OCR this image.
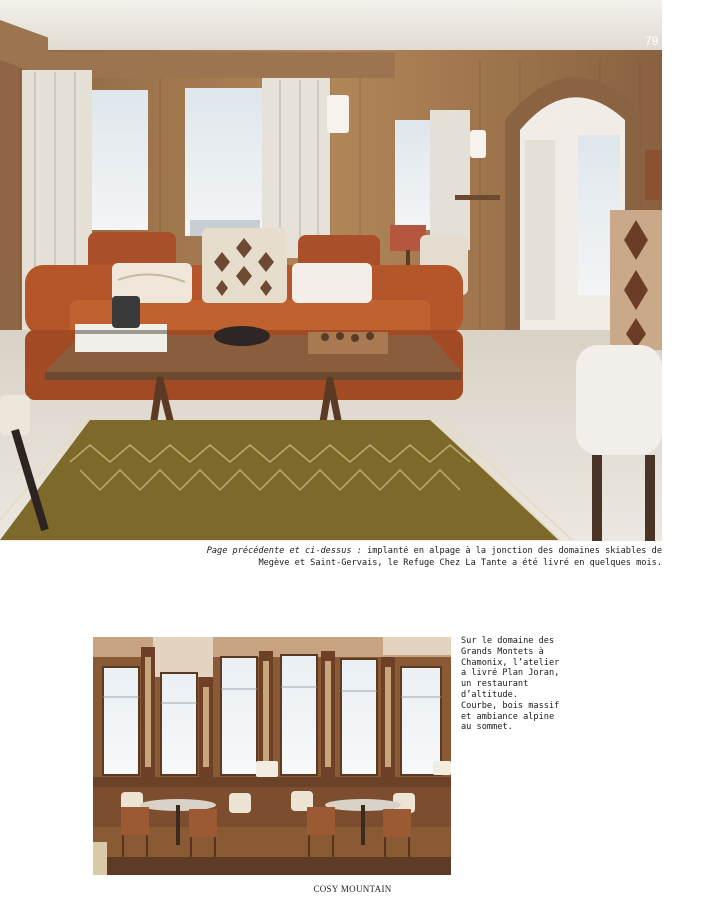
79
Page précédente et ci-dessus : implanté en alpage à la jonction des domaines skiables de Megève et Saint-Gervais, le Refuge Chez La Tante a été livré en quelques mois.
Sur le domaine des
Grands Montets à
Chamonix, l’atelier
a livré Plan Joran,
un restaurant
d’altitude.
Courbe, bois massif
et ambiance alpine
au sommet.
COSY MOUNTAIN
